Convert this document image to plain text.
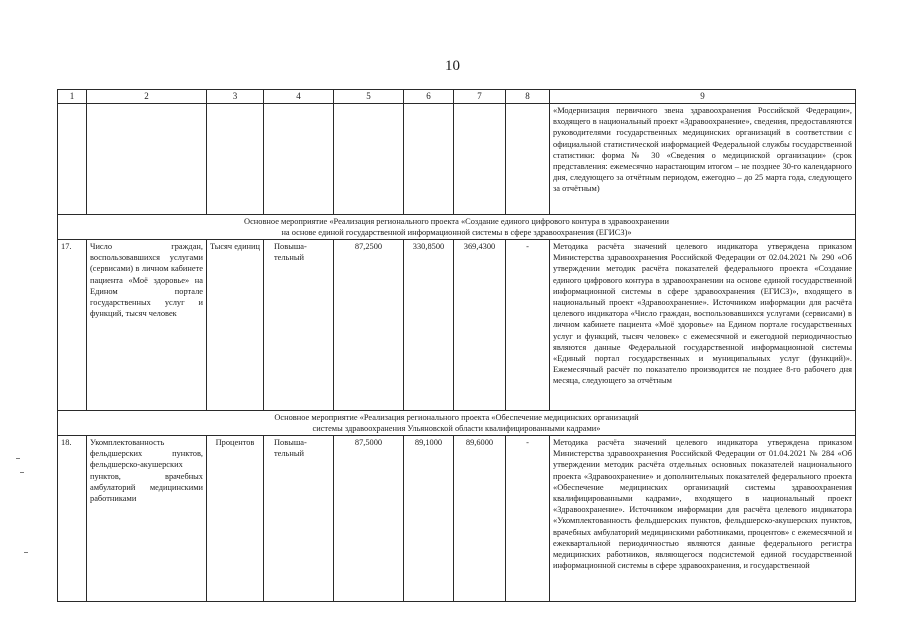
10
1	2	3	4	5	6	7	8	9
								«Модернизация первичного звена здравоохранения Российской Федерации», входящего в национальный проект «Здравоохранение», сведения, предоставляются руководителями государственных медицинских организаций в соответствии с официальной статистической информацией Федеральной службы государственной статистики: форма № 30 «Сведения о медицинской организации» (срок представления: ежемесячно нарастающим итогом – не позднее 30-го календарного дня, следующего за отчётным периодом, ежегодно – до 25 марта года, следующего за отчётным)

Основное мероприятие «Реализация регионального проекта «Создание единого цифрового контура в здравоохранении
на основе единой государственной информационной системы в сфере здравоохранения (ЕГИСЗ)»								

17.	Число граждан, воспользовавшихся услугами (сервисами) в личном кабинете пациента «Моё здоровье» на Едином портале государственных услуг и функций, тысяч человек	Тысяч единиц	Повыша-тельный	87,2500	330,8500	369,4300	-	Методика расчёта значений целевого индикатора утверждена приказом Министерства здравоохранения Российской Федерации от 02.04.2021 № 290 «Об утверждении методик расчёта показателей федерального проекта «Создание единого цифрового контура в здравоохранении на основе единой государственной информационной системы в сфере здравоохранения (ЕГИСЗ)», входящего в национальный проект «Здравоохранение». Источником информации для расчёта целевого индикатора «Число граждан, воспользовавшихся услугами (сервисами) в личном кабинете пациента «Моё здоровье» на Едином портале государственных услуг и функций, тысяч человек» с ежемесячной и ежегодной периодичностью являются данные Федеральной государственной информационной системы «Единый портал государственных и муниципальных услуг (функций)». Ежемесячный расчёт по показателю производится не позднее 8-го рабочего дня месяца, следующего за отчётным

Основное мероприятие «Реализация регионального проекта «Обеспечение медицинских организаций
системы здравоохранения Ульяновской области квалифицированными кадрами»								

18.	Укомплектованность фельдшерских пунктов, фельдшерско-акушерских пунктов, врачебных амбулаторий медицинскими работниками	Процентов	Повыша-тельный	87,5000	89,1000	89,6000	-	Методика расчёта значений целевого индикатора утверждена приказом Министерства здравоохранения Российской Федерации от 01.04.2021 № 284 «Об утверждении методик расчёта отдельных основных показателей национального проекта «Здравоохранение» и дополнительных показателей федерального проекта «Обеспечение медицинских организаций системы здравоохранения квалифицированными кадрами», входящего в национальный проект «Здравоохранение». Источником информации для расчёта целевого индикатора «Укомплектованность фельдшерских пунктов, фельдшерско-акушерских пунктов, врачебных амбулаторий медицинскими работниками, процентов» с ежемесячной и ежеквартальной периодичностью являются данные федерального регистра медицинских работников, являющегося подсистемой единой государственной информационной системы в сфере здравоохранения, и государственной
